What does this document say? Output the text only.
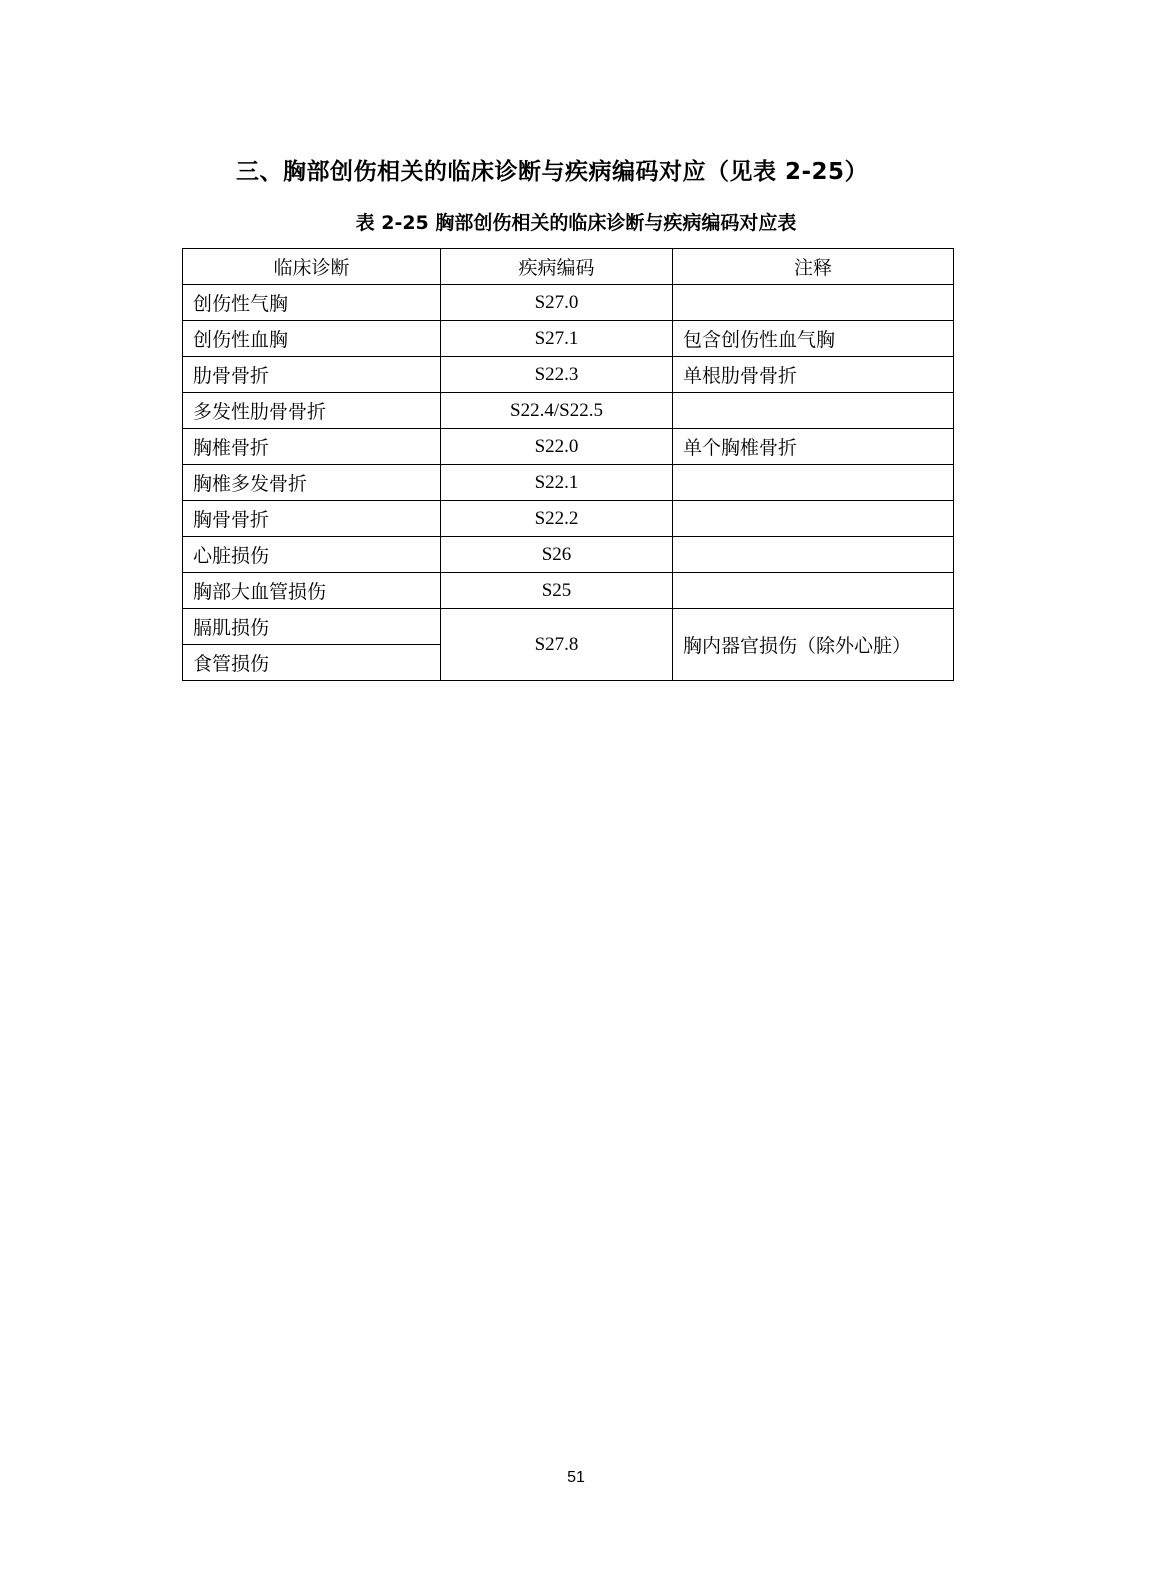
三、胸部创伤相关的临床诊断与疾病编码对应（见表 2-25）
表 2-25 胸部创伤相关的临床诊断与疾病编码对应表
临床诊断	疾病编码	注释
创伤性气胸	S27.0	
创伤性血胸	S27.1	包含创伤性血气胸
肋骨骨折	S22.3	单根肋骨骨折
多发性肋骨骨折	S22.4/S22.5	
胸椎骨折	S22.0	单个胸椎骨折
胸椎多发骨折	S22.1	
胸骨骨折	S22.2	
心脏损伤	S26	
胸部大血管损伤	S25	
膈肌损伤	S27.8	胸内器官损伤（除外心脏）
食管损伤		
51
